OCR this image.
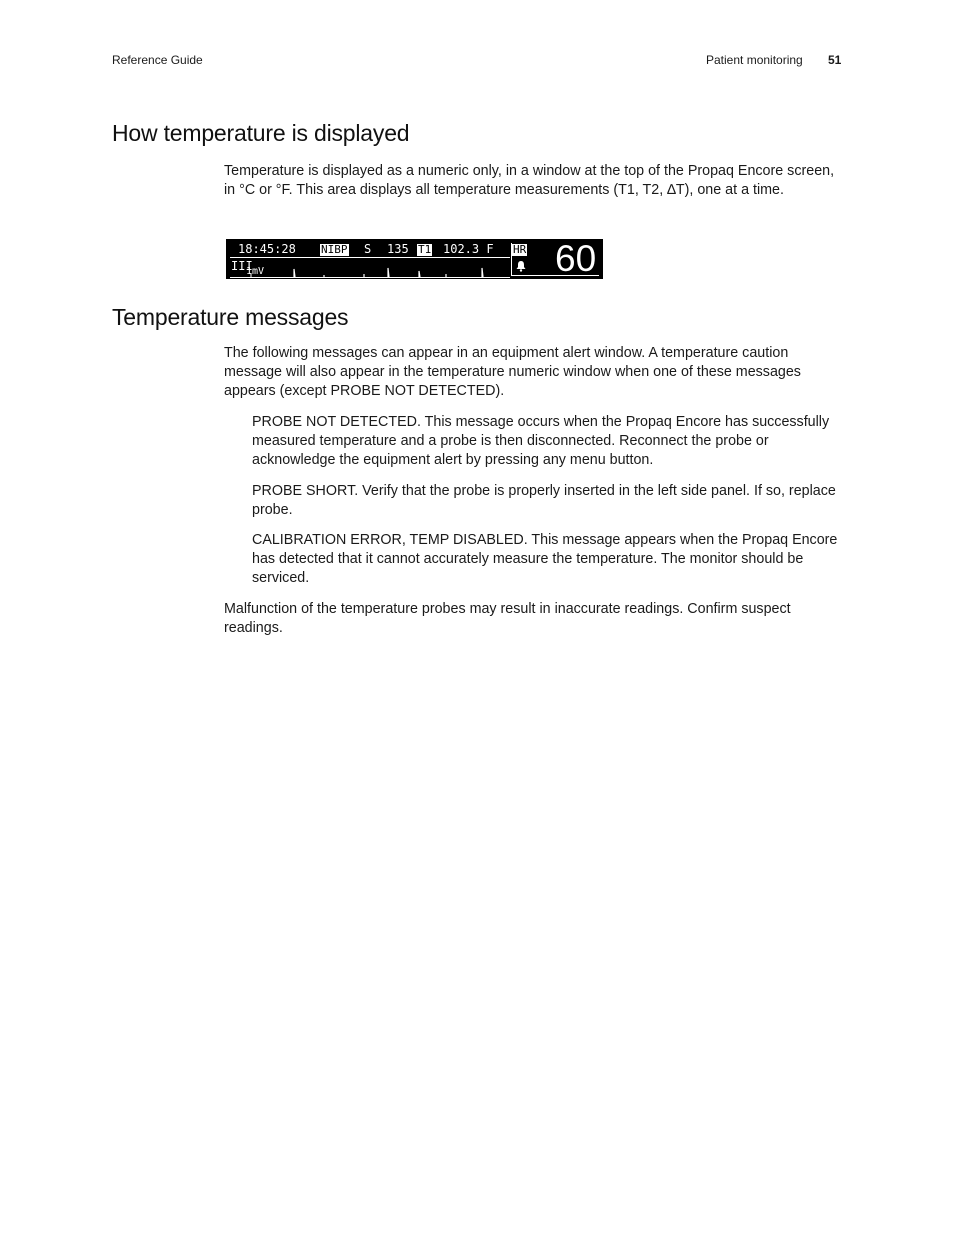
Reference Guide	Patient monitoring 51
How temperature is displayed

Temperature is displayed as a numeric only, in a window at the top of the Propaq Encore screen, in °C or °F. This area displays all temperature measurements (T1, T2, ∆T), one at a time.

18:45:28 NIBP S 135 T1 102.3 F
III
1mV
HR 60
Temperature messages

The following messages can appear in an equipment alert window. A temperature caution message will also appear in the temperature numeric window when one of these messages appears (except PROBE NOT DETECTED).

PROBE NOT DETECTED. This message occurs when the Propaq Encore has successfully measured temperature and a probe is then disconnected. Reconnect the probe or acknowledge the equipment alert by pressing any menu button.

PROBE SHORT. Verify that the probe is properly inserted in the left side panel. If so, replace probe.

CALIBRATION ERROR, TEMP DISABLED. This message appears when the Propaq Encore has detected that it cannot accurately measure the temperature. The monitor should be serviced.

Malfunction of the temperature probes may result in inaccurate readings. Confirm suspect readings.
